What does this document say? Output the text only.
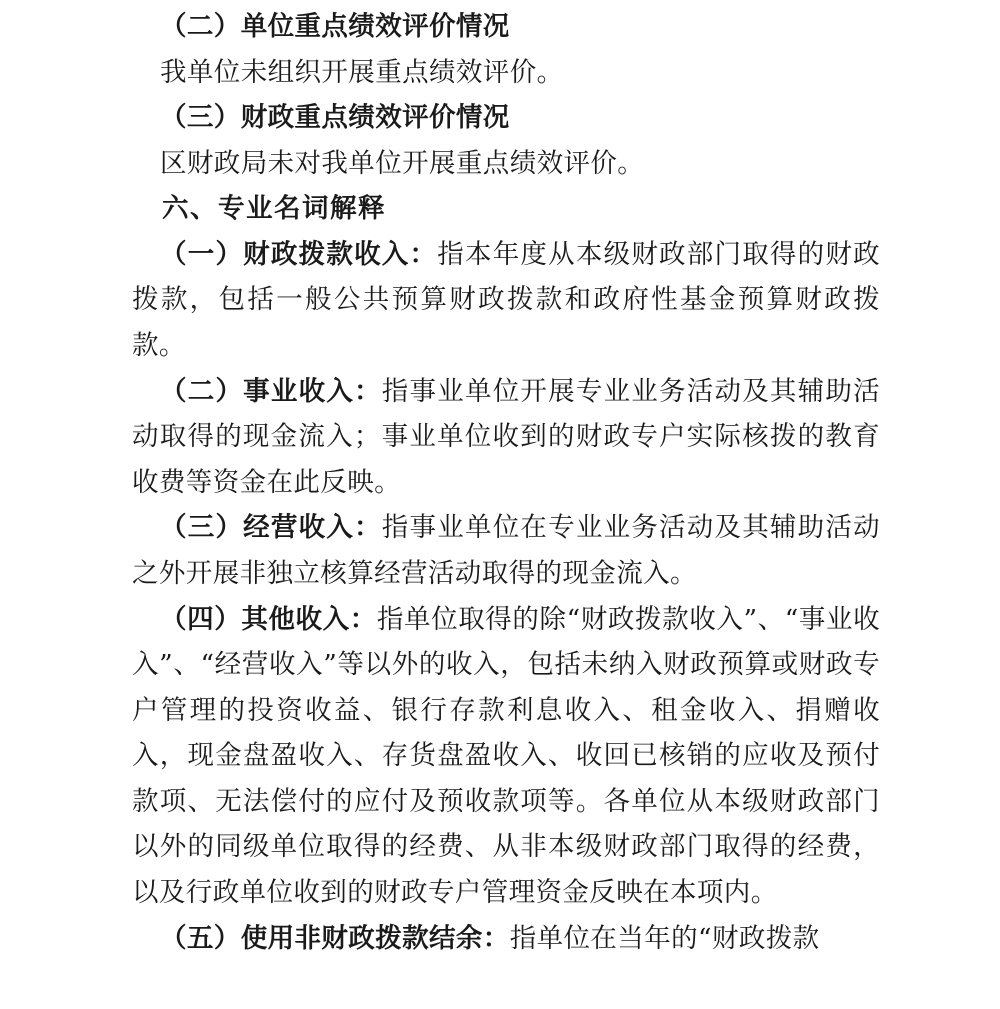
（二）单位重点绩效评价情况

我单位未组织开展重点绩效评价。

（三）财政重点绩效评价情况

区财政局未对我单位开展重点绩效评价。

六、专业名词解释

（一）财政拨款收入：指本年度从本级财政部门取得的财政拨款，包括一般公共预算财政拨款和政府性基金预算财政拨款。

（二）事业收入：指事业单位开展专业业务活动及其辅助活动取得的现金流入；事业单位收到的财政专户实际核拨的教育收费等资金在此反映。

（三）经营收入：指事业单位在专业业务活动及其辅助活动之外开展非独立核算经营活动取得的现金流入。

（四）其他收入：指单位取得的除“财政拨款收入”、“事业收入”、“经营收入”等以外的收入，包括未纳入财政预算或财政专户管理的投资收益、银行存款利息收入、租金收入、捐赠收入，现金盘盈收入、存货盘盈收入、收回已核销的应收及预付款项、无法偿付的应付及预收款项等。各单位从本级财政部门以外的同级单位取得的经费、从非本级财政部门取得的经费，以及行政单位收到的财政专户管理资金反映在本项内。

（五）使用非财政拨款结余：指单位在当年的“财政拨款
